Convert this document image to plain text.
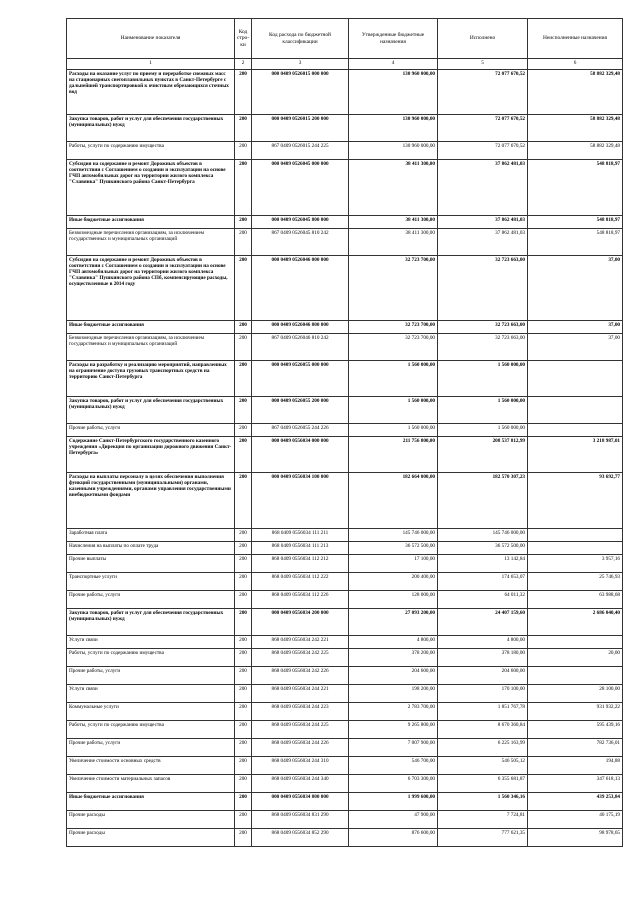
Наименование показателя	Код стро-ки	Код расхода по бюджетной классификации	Утвержденные бюджетные назначения	Исполнено	Неисполненные назначения
1	2	3	4	5	6
Расходы на оказание услуг по приему и переработке снежных масс на стационарных снегоплавильных пунктах в Санкт-Петербурге с дальнейшей транспортировкой к очистным обрезающихся сточных вод	200	000 0409 0526015 000 000	130 960 000,00	72 077 670,52	58 882 329,48
Закупка товаров, работ и услуг для обеспечения государственных (муниципальных) нужд	200	000 0409 0526015 200 000	130 960 000,00	72 077 670,52	58 882 329,48
Работы, услуги по содержанию имущества	200	867 0409 0526015 244 225	130 960 000,00	72 077 670,52	58 882 329,48
Субсидия на содержание и ремонт Дорожных объектов в соответствии с Соглашением о создании и эксплуатации на основе ГЧП автомобильных дорог на территории жилого комплекса "Славянка" Пушкинского района Санкт-Петербурга	200	000 0409 0526045 000 000	38 411 300,00	37 862 481,03	548 818,97
Иные бюджетные ассигнования	200	000 0409 0526045 800 000	38 411 300,00	37 862 481,03	548 818,97
Безвозмездные перечисления организациям, за исключением государственных и муниципальных организаций	200	867 0409 0526045 810 242	38 411 300,00	37 862 481,03	548 818,97
Субсидия на содержание и ремонт Дорожных объектов в соответствии с Соглашением о создании и эксплуатации на основе ГЧП автомобильных дорог на территории жилого комплекса "Славянка" Пушкинского района СПб, компенсирующие расходы, осуществленные в 2014 году	200	000 0409 0526046 000 000	32 723 700,00	32 723 663,00	37,00
Иные бюджетные ассигнования	200	000 0409 0526046 800 000	32 723 700,00	32 723 663,00	37,00
Безвозмездные перечисления организациям, за исключением государственных и муниципальных организаций	200	867 0409 0526046 810 242	32 723 700,00	32 723 663,00	37,00
Расходы на разработку и реализацию мероприятий, направленных на ограничение доступа грузовых транспортных средств на территорию Санкт-Петербурга	200	000 0409 0526055 000 000	1 560 000,00	1 560 000,00	
Закупка товаров, работ и услуг для обеспечения государственных (муниципальных) нужд	200	000 0409 0526055 200 000	1 560 000,00	1 560 000,00	
Прочие работы, услуги	200	867 0409 0526055 244 226	1 560 000,00	1 560 000,00	
Содержание Санкт-Петербургского государственного казенного учреждения «Дирекция по организации дорожного движения Санкт-Петербурга»	200	000 0409 0556034 000 000	211 756 800,00	208 537 812,99	3 218 987,01
Расходы на выплаты персоналу в целях обеспечения выполнения функций государственными (муниципальными) органами, казенными учреждениями, органами управления государственными внебюджетными фондами	200	000 0409 0556034 100 000	182 664 000,00	182 570 307,23	93 692,77
Заработная плата	200	868 0409 0556034 111 211	145 746 000,00	145 746 000,00	
Начисления на выплаты по оплате труда	200	868 0409 0556034 111 213	36 572 500,00	36 572 500,00	
Прочие выплаты	200	868 0409 0556034 112 212	17 100,00	13 142,84	3 957,16
Транспортные услуги	200	868 0409 0556034 112 222	200 400,00	174 653,07	25 746,93
Прочие работы, услуги	200	868 0409 0556034 112 226	128 000,00	64 011,32	63 988,68
Закупка товаров, работ и услуг для обеспечения государственных (муниципальных) нужд	200	000 0409 0556034 200 000	27 093 200,00	24 407 159,60	2 686 040,40
Услуги связи	200	868 0409 0556034 242 221	4 800,00	4 800,00	
Работы, услуги по содержанию имущества	200	868 0409 0556034 242 225	378 200,00	378 180,00	20,00
Прочие работы, услуги	200	868 0409 0556034 242 226	204 600,00	204 600,00	
Услуги связи	200	868 0409 0556034 244 221	198 200,00	170 100,00	28 100,00
Коммунальные услуги	200	868 0409 0556034 244 223	2 783 700,00	1 851 767,78	931 932,22
Работы, услуги по содержанию имущества	200	868 0409 0556034 244 225	9 265 800,00	8 670 360,84	595 439,16
Прочие работы, услуги	200	868 0409 0556034 244 226	7 007 900,00	6 225 163,99	782 736,01
Увеличение стоимости основных средств	200	868 0409 0556034 244 310	546 700,00	546 505,12	194,88
Увеличение стоимости материальных запасов	200	868 0409 0556034 244 340	6 703 300,00	6 355 681,87	347 618,13
Иные бюджетные ассигнования	200	000 0409 0556034 800 000	1 999 600,00	1 560 346,16	439 253,84
Прочие расходы	200	868 0409 0556034 831 290	47 900,00	7 724,81	40 175,19
Прочие расходы	200	868 0409 0556034 852 290	876 600,00	777 621,35	98 978,65
